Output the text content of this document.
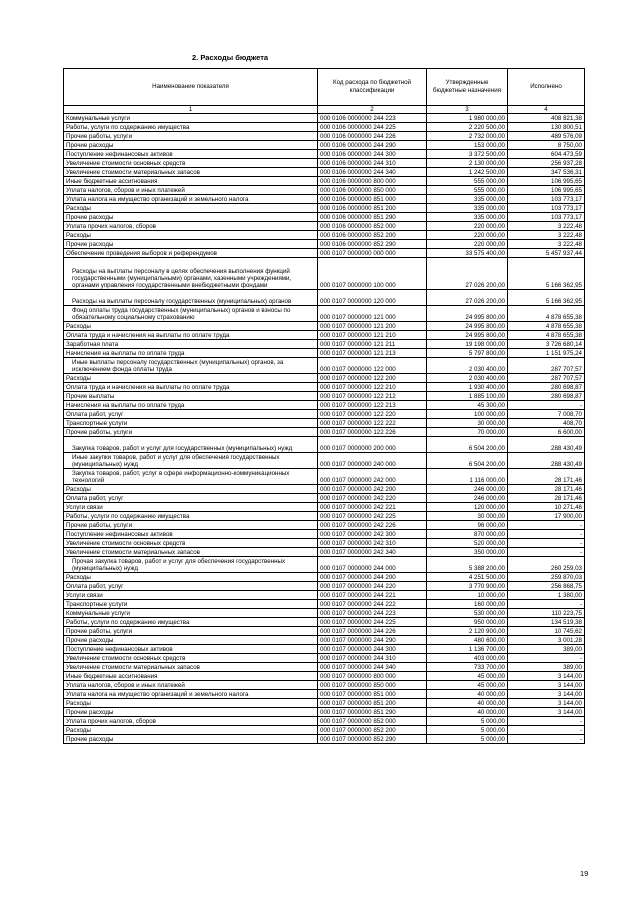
2. Расходы бюджета
Наименование показателя	Код расхода по бюджетной классификации	Утвержденные бюджетные назначения	Исполнено
1	2	3	4
Коммунальные услуги	000 0106 0000000 244 223	1 980 000,00	408 821,38
Работы, услуги по содержанию имущества	000 0106 0000000 244 225	2 220 500,00	130 800,51
Прочие работы, услуги	000 0106 0000000 244 226	2 732 000,00	489 576,09
Прочие расходы	000 0106 0000000 244 290	153 000,00	8 750,00
Поступление нефинансовых активов	000 0106 0000000 244 300	3 372 500,00	604 473,59
Увеличение стоимости основных средств	000 0106 0000000 244 310	2 130 000,00	256 937,28
Увеличение стоимости материальных запасов	000 0106 0000000 244 340	1 242 500,00	347 536,31
Иные бюджетные ассигнования	000 0106 0000000 800 000	555 000,00	106 995,65
Уплата налогов, сборов и иных платежей	000 0106 0000000 850 000	555 000,00	106 995,65
Уплата налога на имущество организаций и земельного налога	000 0106 0000000 851 000	335 000,00	103 773,17
Расходы	000 0106 0000000 851 200	335 000,00	103 773,17
Прочие расходы	000 0106 0000000 851 290	335 000,00	103 773,17
Уплата прочих налогов, сборов	000 0106 0000000 852 000	220 000,00	3 222,48
Расходы	000 0106 0000000 852 200	220 000,00	3 222,48
Прочие расходы	000 0106 0000000 852 290	220 000,00	3 222,48
Обеспечение проведения выборов и референдумов	000 0107 0000000 000 000	33 575 400,00	5 457 937,44
Расходы на выплаты персоналу в целях обеспечения выполнения функций государственными (муниципальными) органами, казенными учреждениями, органами управления государственными внебюджетными фондами	000 0107 0000000 100 000	27 026 200,00	5 166 362,95
Расходы на выплаты персоналу государственных (муниципальных) органов	000 0107 0000000 120 000	27 026 200,00	5 166 362,95
Фонд оплаты труда государственных (муниципальных) органов и взносы по обязательному социальному страхованию	000 0107 0000000 121 000	24 995 800,00	4 878 655,38
Расходы	000 0107 0000000 121 200	24 995 800,00	4 878 655,38
Оплата труда и начисления на выплаты по оплате труда	000 0107 0000000 121 210	24 995 800,00	4 878 655,38
Заработная плата	000 0107 0000000 121 211	19 198 000,00	3 726 680,14
Начисления на выплаты по оплате труда	000 0107 0000000 121 213	5 797 800,00	1 151 975,24
Иные выплаты персоналу государственных (муниципальных) органов, за исключением фонда оплаты труда	000 0107 0000000 122 000	2 030 400,00	287 707,57
Расходы	000 0107 0000000 122 200	2 030 400,00	287 707,57
Оплата труда и начисления на выплаты по оплате труда	000 0107 0000000 122 210	1 930 400,00	280 698,87
Прочие выплаты	000 0107 0000000 122 212	1 885 100,00	280 698,87
Начисления на выплаты по оплате труда	000 0107 0000000 122 213	45 300,00	-
Оплата работ, услуг	000 0107 0000000 122 220	100 000,00	7 008,70
Транспортные услуги	000 0107 0000000 122 222	30 000,00	408,70
Прочие работы, услуги	000 0107 0000000 122 226	70 000,00	6 600,00
Закупка товаров, работ и услуг для государственных (муниципальных) нужд	000 0107 0000000 200 000	6 504 200,00	288 430,49
Иные закупки товаров, работ и услуг для обеспечения государственных (муниципальных) нужд	000 0107 0000000 240 000	6 504 200,00	288 430,49
Закупка товаров, работ, услуг в сфере информационно-коммуникационных технологий	000 0107 0000000 242 000	1 116 000,00	28 171,46
Расходы	000 0107 0000000 242 200	246 000,00	28 171,46
Оплата работ, услуг	000 0107 0000000 242 220	246 000,00	28 171,46
Услуги связи	000 0107 0000000 242 221	120 000,00	10 271,46
Работы, услуги по содержанию имущества	000 0107 0000000 242 225	30 000,00	17 900,00
Прочие работы, услуги	000 0107 0000000 242 226	96 000,00	-
Поступление нефинансовых активов	000 0107 0000000 242 300	870 000,00	-
Увеличение стоимости основных средств	000 0107 0000000 242 310	520 000,00	-
Увеличение стоимости материальных запасов	000 0107 0000000 242 340	350 000,00	-
Прочая закупка товаров, работ и услуг для обеспечения государственных (муниципальных) нужд	000 0107 0000000 244 000	5 388 200,00	260 259,03
Расходы	000 0107 0000000 244 200	4 251 500,00	259 870,03
Оплата работ, услуг	000 0107 0000000 244 220	3 770 900,00	256 868,75
Услуги связи	000 0107 0000000 244 221	10 000,00	1 380,00
Транспортные услуги	000 0107 0000000 244 222	160 000,00	-
Коммунальные услуги	000 0107 0000000 244 223	530 000,00	110 223,75
Работы, услуги по содержанию имущества	000 0107 0000000 244 225	950 000,00	134 519,38
Прочие работы, услуги	000 0107 0000000 244 226	2 120 900,00	10 745,62
Прочие расходы	000 0107 0000000 244 290	480 600,00	3 001,28
Поступление нефинансовых активов	000 0107 0000000 244 300	1 136 700,00	389,00
Увеличение стоимости основных средств	000 0107 0000000 244 310	403 000,00	-
Увеличение стоимости материальных запасов	000 0107 0000000 244 340	733 700,00	389,00
Иные бюджетные ассигнования	000 0107 0000000 800 000	45 000,00	3 144,00
Уплата налогов, сборов и иных платежей	000 0107 0000000 850 000	45 000,00	3 144,00
Уплата налога на имущество организаций и земельного налога	000 0107 0000000 851 000	40 000,00	3 144,00
Расходы	000 0107 0000000 851 200	40 000,00	3 144,00
Прочие расходы	000 0107 0000000 851 290	40 000,00	3 144,00
Уплата прочих налогов, сборов	000 0107 0000000 852 000	5 000,00	-
Расходы	000 0107 0000000 852 200	5 000,00	-
Прочие расходы	000 0107 0000000 852 290	5 000,00	-
19
